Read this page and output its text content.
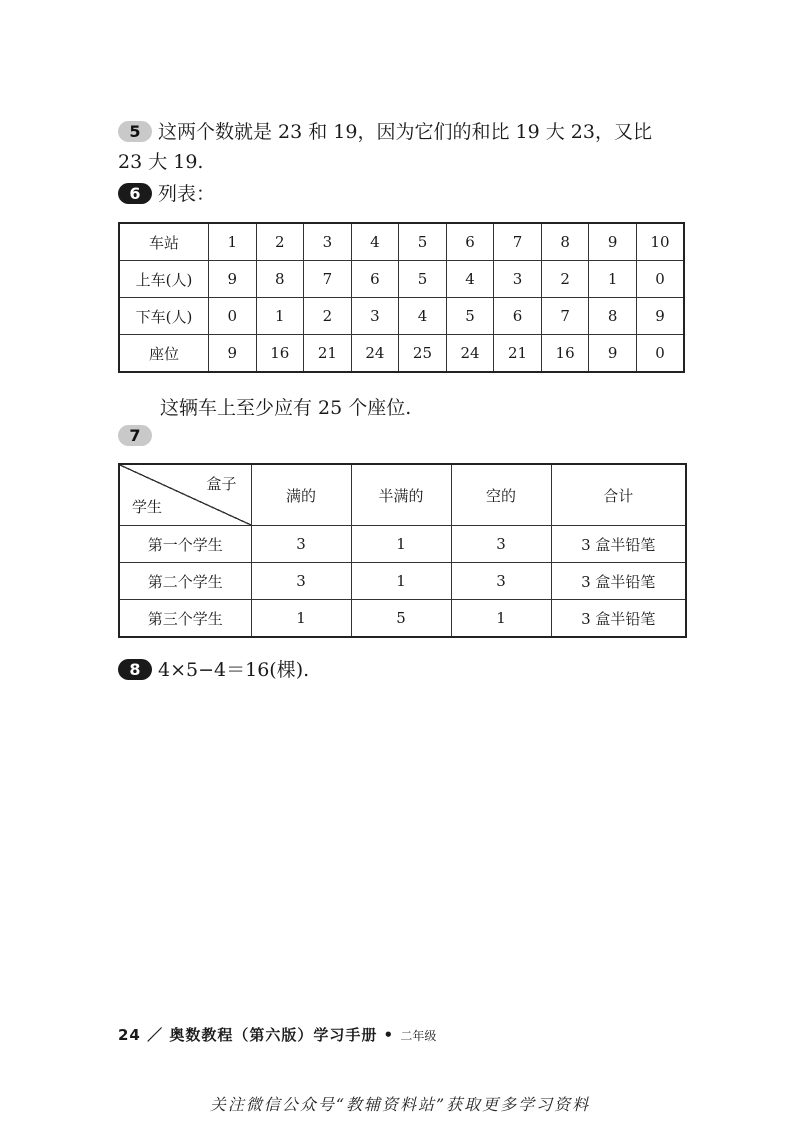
5 这两个数就是 23 和 19，因为它们的和比 19 大 23，又比
23 大 19.
6 列表：
车站	1	2	3	4	5	6	7	8	9	10
上车(人)	9	8	7	6	5	4	3	2	1	0
下车(人)	0	1	2	3	4	5	6	7	8	9
座位	9	16	21	24	25	24	21	16	9	0
这辆车上至少应有 25 个座位.
7
盒子
学生	满的	半满的	空的	合计
第一个学生	3	1	3	3 盒半铅笔
第二个学生	3	1	3	3 盒半铅笔
第三个学生	1	5	1	3 盒半铅笔
8 4×5−4＝16(棵).
24 ／ 奥数教程（第六版）学习手册 • 二年级
关注微信公众号“教辅资料站”获取更多学习资料
